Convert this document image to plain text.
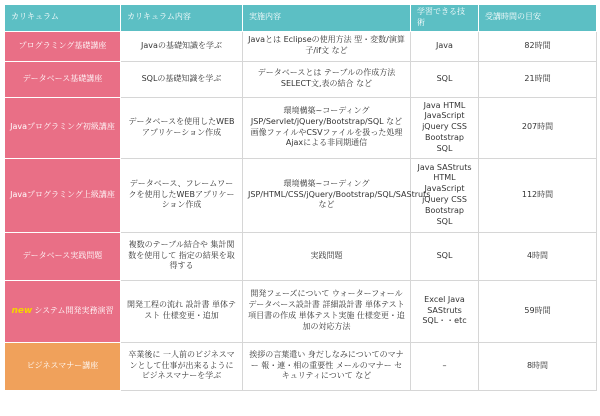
カリキュラム	カリキュラム内容	実施内容	学習できる技術	受講時間の目安
プログラミング基礎講座	Javaの基礎知識を学ぶ	Javaとは Eclipseの使用方法 型・変数/演算子/if文 など	Java	82時間
データベース基礎講座	SQLの基礎知識を学ぶ	データベースとは テーブルの作成方法 SELECT文,表の結合 など	SQL	21時間
Javaプログラミング初級講座	データベースを使用したWEBアプリケーション作成	環境構築~コーディング JSP/Servlet/jQuery/Bootstrap/SQL など 画像ファイルやCSVファイルを扱った処理 Ajaxによる非同期通信	Java HTML JavaScript jQuery CSS Bootstrap SQL	207時間
Javaプログラミング上級講座	データベース、フレームワークを使用したWEBアプリケーション作成	環境構築~コーディング JSP/HTML/CSS/jQuery/Bootstrap/SQL/SAStruts など	Java SAStruts HTML JavaScript jQuery CSS Bootstrap SQL	112時間
データベース実践問題	複数のテーブル結合や 集計関数を使用して 指定の結果を取得する	実践問題	SQL	4時間
new システム開発実務演習	開発工程の流れ 設計書 単体テスト 仕様変更・追加	開発フェーズについて ウォーターフォール データベース設計書 詳細設計書 単体テスト項目書の作成 単体テスト実施 仕様変更・追加の対応方法	Excel Java SAStruts SQL・・etc	59時間
ビジネスマナー講座	卒業後に 一人前のビジネスマンとして仕事が出来るようにビジネスマナーを学ぶ	挨拶の言葉遣い 身だしなみについてのマナー 報・連・相の重要性 メールのマナー セキュリティについて など	–	8時間
